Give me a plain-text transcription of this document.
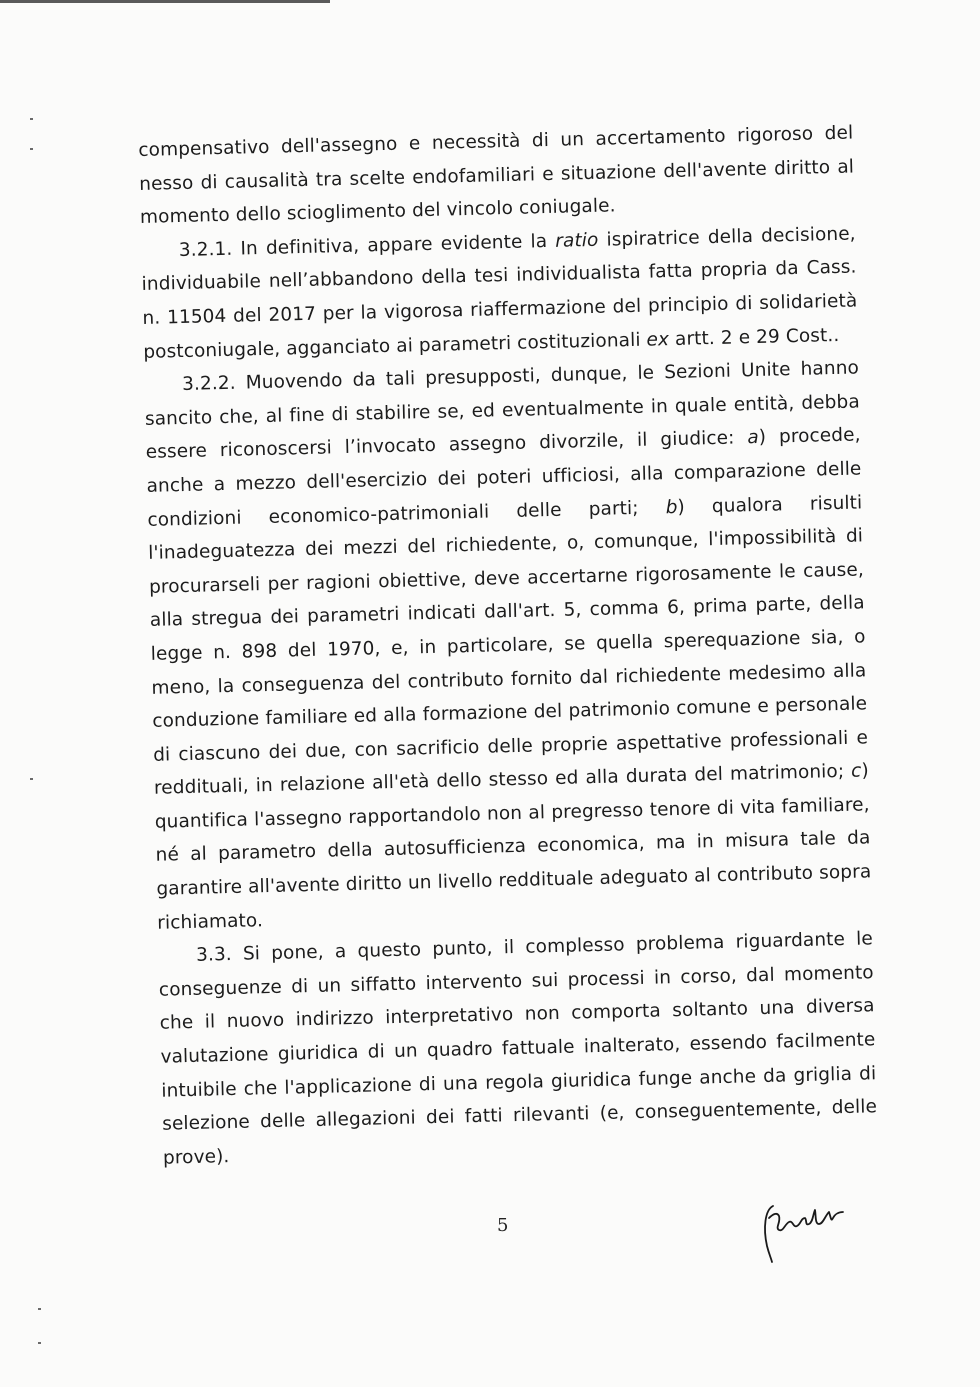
compensativo dell'assegno e necessità di un accertamento rigoroso del nesso di causalità tra scelte endofamiliari e situazione dell'avente diritto al momento dello scioglimento del vincolo coniugale.

3.2.1. In definitiva, appare evidente la ratio ispiratrice della decisione, individuabile nell’abbandono della tesi individualista fatta propria da Cass. n. 11504 del 2017 per la vigorosa riaffermazione del principio di solidarietà postconiugale, agganciato ai parametri costituzionali ex artt. 2 e 29 Cost..

3.2.2. Muovendo da tali presupposti, dunque, le Sezioni Unite hanno sancito che, al fine di stabilire se, ed eventualmente in quale entità, debba essere riconoscersi l’invocato assegno divorzile, il giudice: a) procede, anche a mezzo dell'esercizio dei poteri ufficiosi, alla comparazione delle condizioni economico-patrimoniali delle parti; b) qualora risulti l'inadeguatezza dei mezzi del richiedente, o, comunque, l'impossibilità di procurarseli per ragioni obiettive, deve accertarne rigorosamente le cause, alla stregua dei parametri indicati dall'art. 5, comma 6, prima parte, della legge n. 898 del 1970, e, in particolare, se quella sperequazione sia, o meno, la conseguenza del contributo fornito dal richiedente medesimo alla conduzione familiare ed alla formazione del patrimonio comune e personale di ciascuno dei due, con sacrificio delle proprie aspettative professionali e reddituali, in relazione all'età dello stesso ed alla durata del matrimonio; c) quantifica l'assegno rapportandolo non al pregresso tenore di vita familiare, né al parametro della autosufficienza economica, ma in misura tale da garantire all'avente diritto un livello reddituale adeguato al contributo sopra richiamato.

3.3. Si pone, a questo punto, il complesso problema riguardante le conseguenze di un siffatto intervento sui processi in corso, dal momento che il nuovo indirizzo interpretativo non comporta soltanto una diversa valutazione giuridica di un quadro fattuale inalterato, essendo facilmente intuibile che l'applicazione di una regola giuridica funge anche da griglia di selezione delle allegazioni dei fatti rilevanti (e, conseguentemente, delle prove).

5
